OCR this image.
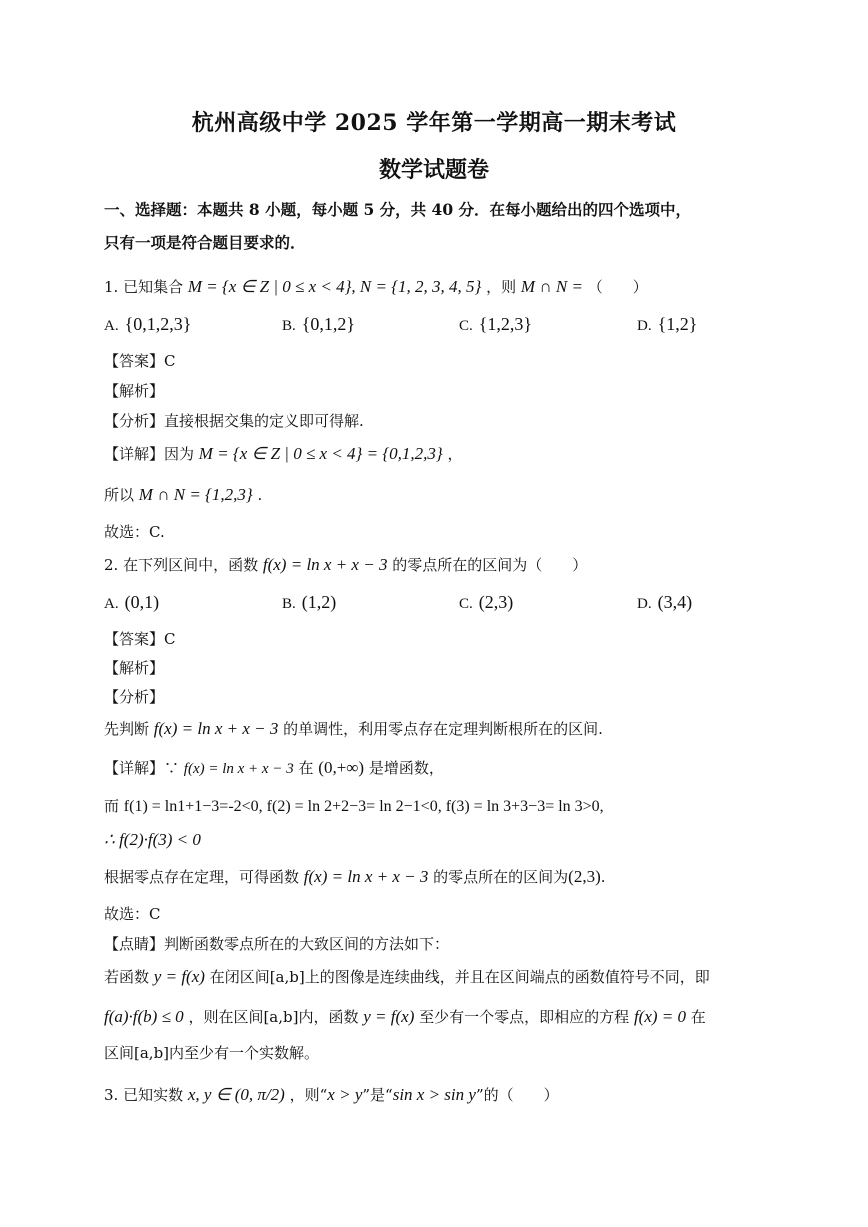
杭州高级中学 2025 学年第一学期高一期末考试
数学试题卷
一、选择题：本题共 8 小题，每小题 5 分，共 40 分．在每小题给出的四个选项中，
只有一项是符合题目要求的．
1. 已知集合 M = {x ∈ Z | 0 ≤ x < 4}, N = {1, 2, 3, 4, 5} ，则 M ∩ N = （　　）
A. {0,1,2,3}	B. {0,1,2}	C. {1,2,3}	D. {1,2}
【答案】C
【解析】
【分析】直接根据交集的定义即可得解.
【详解】因为 M = {x ∈ Z | 0 ≤ x < 4} = {0,1,2,3} ，
所以 M ∩ N = {1,2,3} .
故选：C.
2. 在下列区间中，函数 f(x) = ln x + x − 3 的零点所在的区间为（　　）
A. (0,1)	B. (1,2)	C. (2,3)	D. (3,4)
【答案】C
【解析】
【分析】
先判断 f(x) = ln x + x − 3 的单调性，利用零点存在定理判断根所在的区间.
【详解】∵ f(x) = ln x + x − 3 在 (0,+∞) 是增函数，
而 f(1) = ln1+1−3=-2<0, f(2) = ln 2+2−3= ln 2−1<0, f(3) = ln 3+3−3= ln 3>0,
∴ f(2)·f(3) < 0
根据零点存在定理，可得函数 f(x) = ln x + x − 3 的零点所在的区间为(2,3).
故选：C
【点睛】判断函数零点所在的大致区间的方法如下：
若函数 y = f(x) 在闭区间[a,b]上的图像是连续曲线，并且在区间端点的函数值符号不同，即
f(a)·f(b) ≤ 0 ，则在区间[a,b]内，函数 y = f(x) 至少有一个零点，即相应的方程 f(x) = 0 在
区间[a,b]内至少有一个实数解。
3. 已知实数 x, y ∈ (0, π/2) ，则“x > y”是“sin x > sin y”的（　　）
